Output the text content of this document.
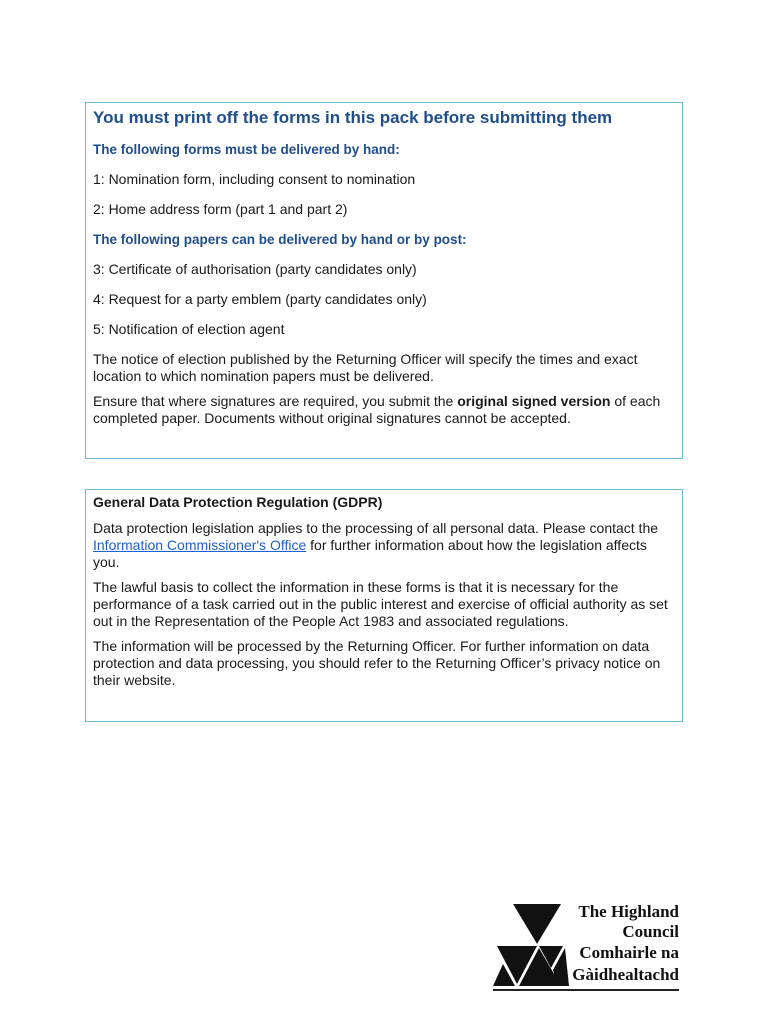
You must print off the forms in this pack before submitting them
The following forms must be delivered by hand:
1: Nomination form, including consent to nomination
2: Home address form (part 1 and part 2)
The following papers can be delivered by hand or by post:
3: Certificate of authorisation (party candidates only)
4: Request for a party emblem (party candidates only)
5: Notification of election agent
The notice of election published by the Returning Officer will specify the times and exact location to which nomination papers must be delivered.
Ensure that where signatures are required, you submit the original signed version of each completed paper. Documents without original signatures cannot be accepted.
General Data Protection Regulation (GDPR)
Data protection legislation applies to the processing of all personal data. Please contact the Information Commissioner's Office for further information about how the legislation affects you.
The lawful basis to collect the information in these forms is that it is necessary for the performance of a task carried out in the public interest and exercise of official authority as set out in the Representation of the People Act 1983 and associated regulations.
The information will be processed by the Returning Officer. For further information on data protection and data processing, you should refer to the Returning Officer’s privacy notice on their website.
The Highland
Council
Comhairle na
Gàidhealtachd
